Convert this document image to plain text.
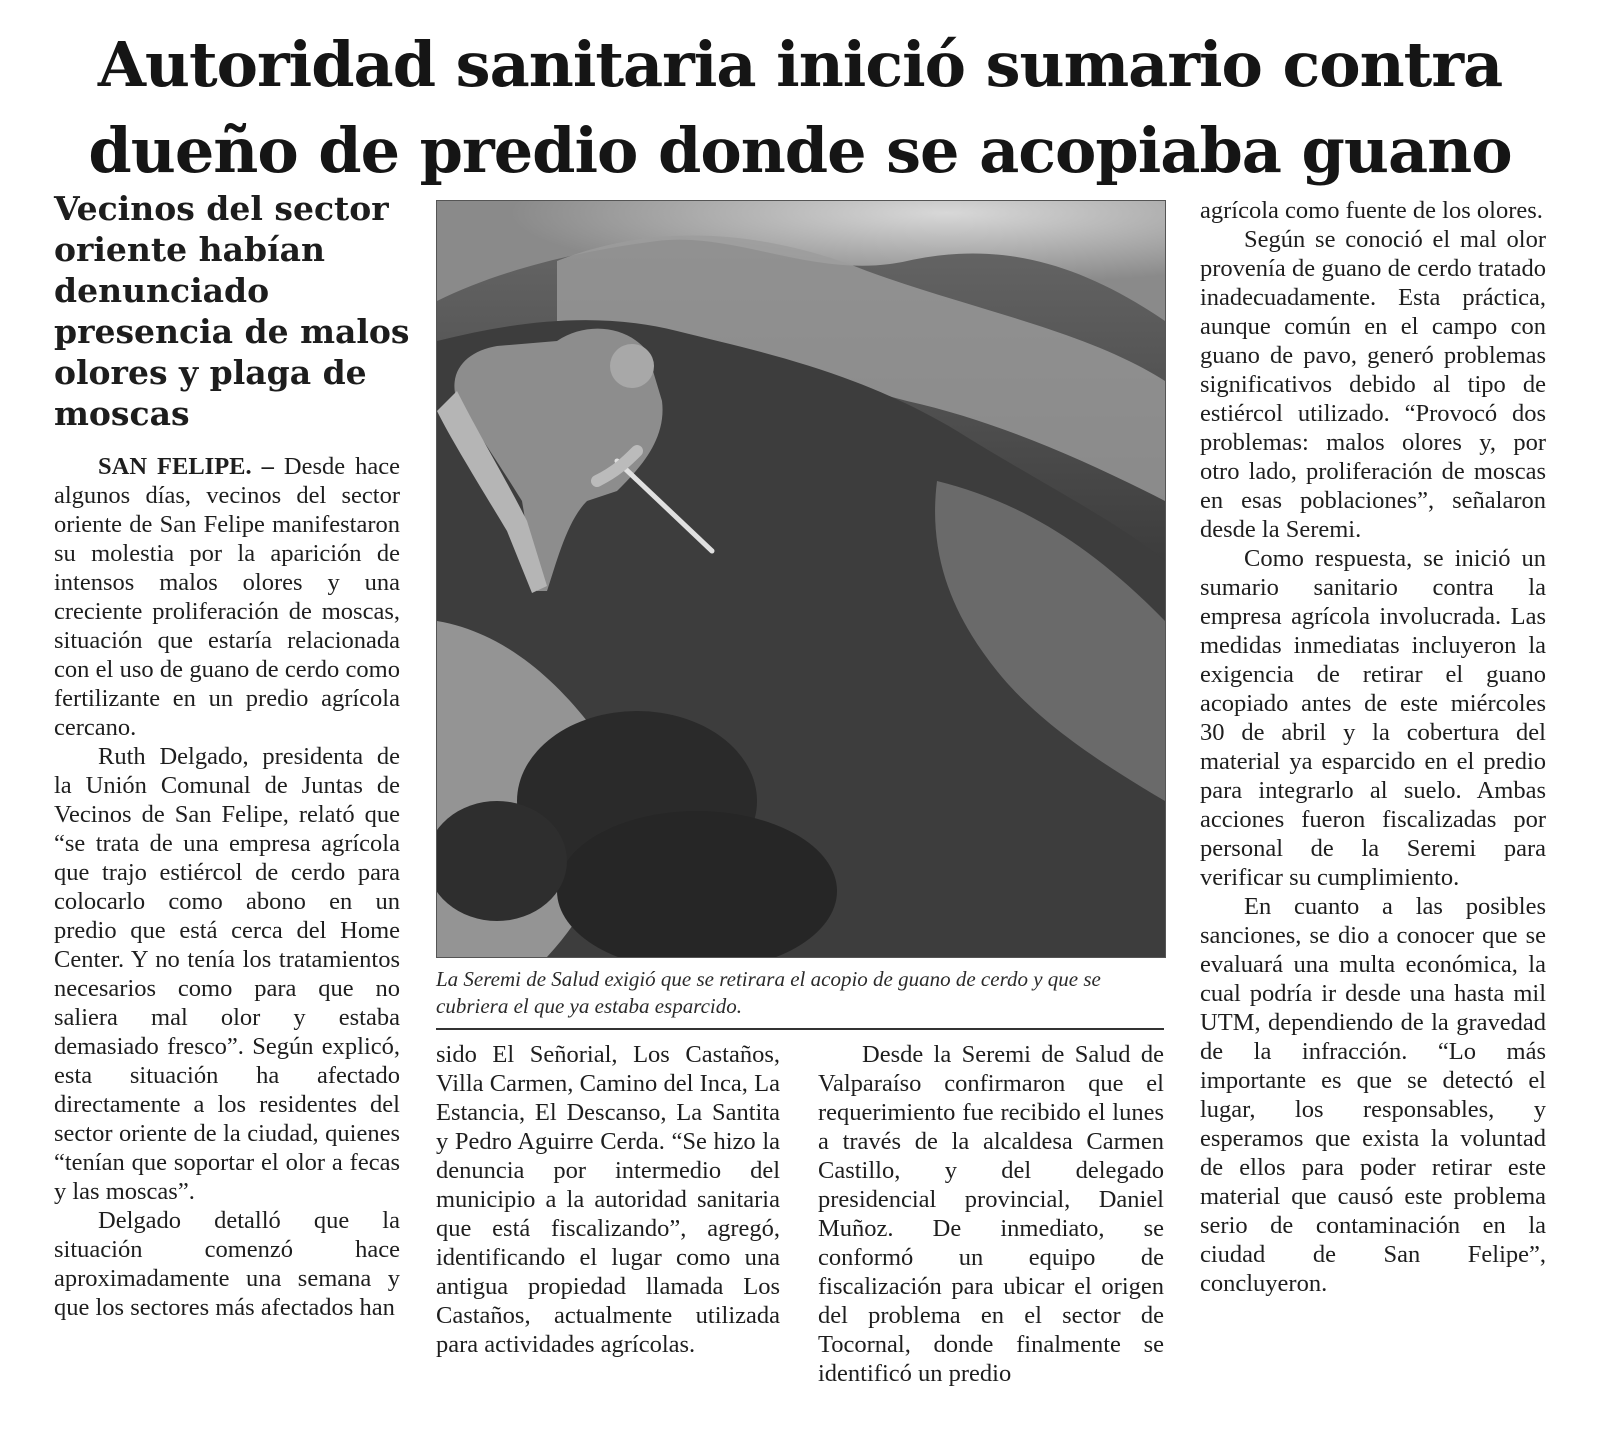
Autoridad sanitaria inició sumario contra dueño de predio donde se acopiaba guano
Vecinos del sector oriente habían denunciado presencia de malos olores y plaga de moscas

SAN FELIPE. – Desde hace algunos días, vecinos del sector oriente de San Felipe manifestaron su molestia por la aparición de intensos malos olores y una creciente proliferación de moscas, situación que estaría relacionada con el uso de guano de cerdo como fertilizante en un predio agrícola cercano.

Ruth Delgado, presidenta de la Unión Comunal de Juntas de Vecinos de San Felipe, relató que “se trata de una empresa agrícola que trajo estiércol de cerdo para colocarlo como abono en un predio que está cerca del Home Center. Y no tenía los tratamientos necesarios como para que no saliera mal olor y estaba demasiado fresco”. Según explicó, esta situación ha afectado directamente a los residentes del sector oriente de la ciudad, quienes “tenían que soportar el olor a fecas y las moscas”.

Delgado detalló que la situación comenzó hace aproximadamente una semana y que los sectores más afectados han

La Seremi de Salud exigió que se retirara el acopio de guano de cerdo y que se cubriera el que ya estaba esparcido.

sido El Señorial, Los Castaños, Villa Carmen, Camino del Inca, La Estancia, El Descanso, La Santita y Pedro Aguirre Cerda. “Se hizo la denuncia por intermedio del municipio a la autoridad sanitaria que está fiscalizando”, agregó, identificando el lugar como una antigua propiedad llamada Los Castaños, actualmente utilizada para actividades agrícolas.

Desde la Seremi de Salud de Valparaíso confirmaron que el requerimiento fue recibido el lunes a través de la alcaldesa Carmen Castillo, y del delegado presidencial provincial, Daniel Muñoz. De inmediato, se conformó un equipo de fiscalización para ubicar el origen del problema en el sector de Tocornal, donde finalmente se identificó un predio

agrícola como fuente de los olores.

Según se conoció el mal olor provenía de guano de cerdo tratado inadecuadamente. Esta práctica, aunque común en el campo con guano de pavo, generó problemas significativos debido al tipo de estiércol utilizado. “Provocó dos problemas: malos olores y, por otro lado, proliferación de moscas en esas poblaciones”, señalaron desde la Seremi.

Como respuesta, se inició un sumario sanitario contra la empresa agrícola involucrada. Las medidas inmediatas incluyeron la exigencia de retirar el guano acopiado antes de este miércoles 30 de abril y la cobertura del material ya esparcido en el predio para integrarlo al suelo. Ambas acciones fueron fiscalizadas por personal de la Seremi para verificar su cumplimiento.

En cuanto a las posibles sanciones, se dio a conocer que se evaluará una multa económica, la cual podría ir desde una hasta mil UTM, dependiendo de la gravedad de la infracción. “Lo más importante es que se detectó el lugar, los responsables, y esperamos que exista la voluntad de ellos para poder retirar este material que causó este problema serio de contaminación en la ciudad de San Felipe”, concluyeron.
